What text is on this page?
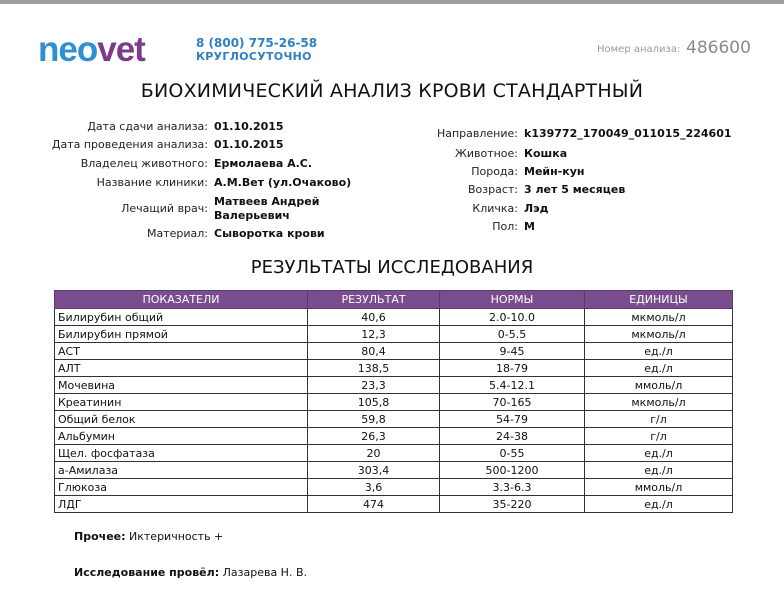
neovet	8 (800) 775-26-58
КРУГЛОСУТОЧНО
Номер анализа: 486600
БИОХИМИЧЕСКИЙ АНАЛИЗ КРОВИ СТАНДАРТНЫЙ
Дата сдачи анализа: 01.10.2015
Дата проведения анализа: 01.10.2015
Владелец животного: Ермолаева А.С.
Название клиники: А.М.Вет (ул.Очаково)
Лечащий врач:
Матвеев Андрей
Валерьевич
Материал: Сыворотка крови
Направление: k139772_170049_011015_224601
Животное: Кошка
Порода: Мейн-кун
Возраст: 3 лет 5 месяцев
Кличка: Лэд
Пол: М
РЕЗУЛЬТАТЫ ИССЛЕДОВАНИЯ
ПОКАЗАТЕЛИ	РЕЗУЛЬТАТ	НОРМЫ	ЕДИНИЦЫ
Билирубин общий	40,6	2.0-10.0	мкмоль/л
Билирубин прямой	12,3	0-5.5	мкмоль/л
АСТ	80,4	9-45	ед./л
АЛТ	138,5	18-79	ед./л
Мочевина	23,3	5.4-12.1	ммоль/л
Креатинин	105,8	70-165	мкмоль/л
Общий белок	59,8	54-79	г/л
Альбумин	26,3	24-38	г/л
Щел. фосфатаза	20	0-55	ед./л
а-Амилаза	303,4	500-1200	ед./л
Глюкоза	3,6	3.3-6.3	ммоль/л
ЛДГ	474	35-220	ед./л
Прочее: Иктеричность +
Исследование провёл: Лазарева Н. В.
